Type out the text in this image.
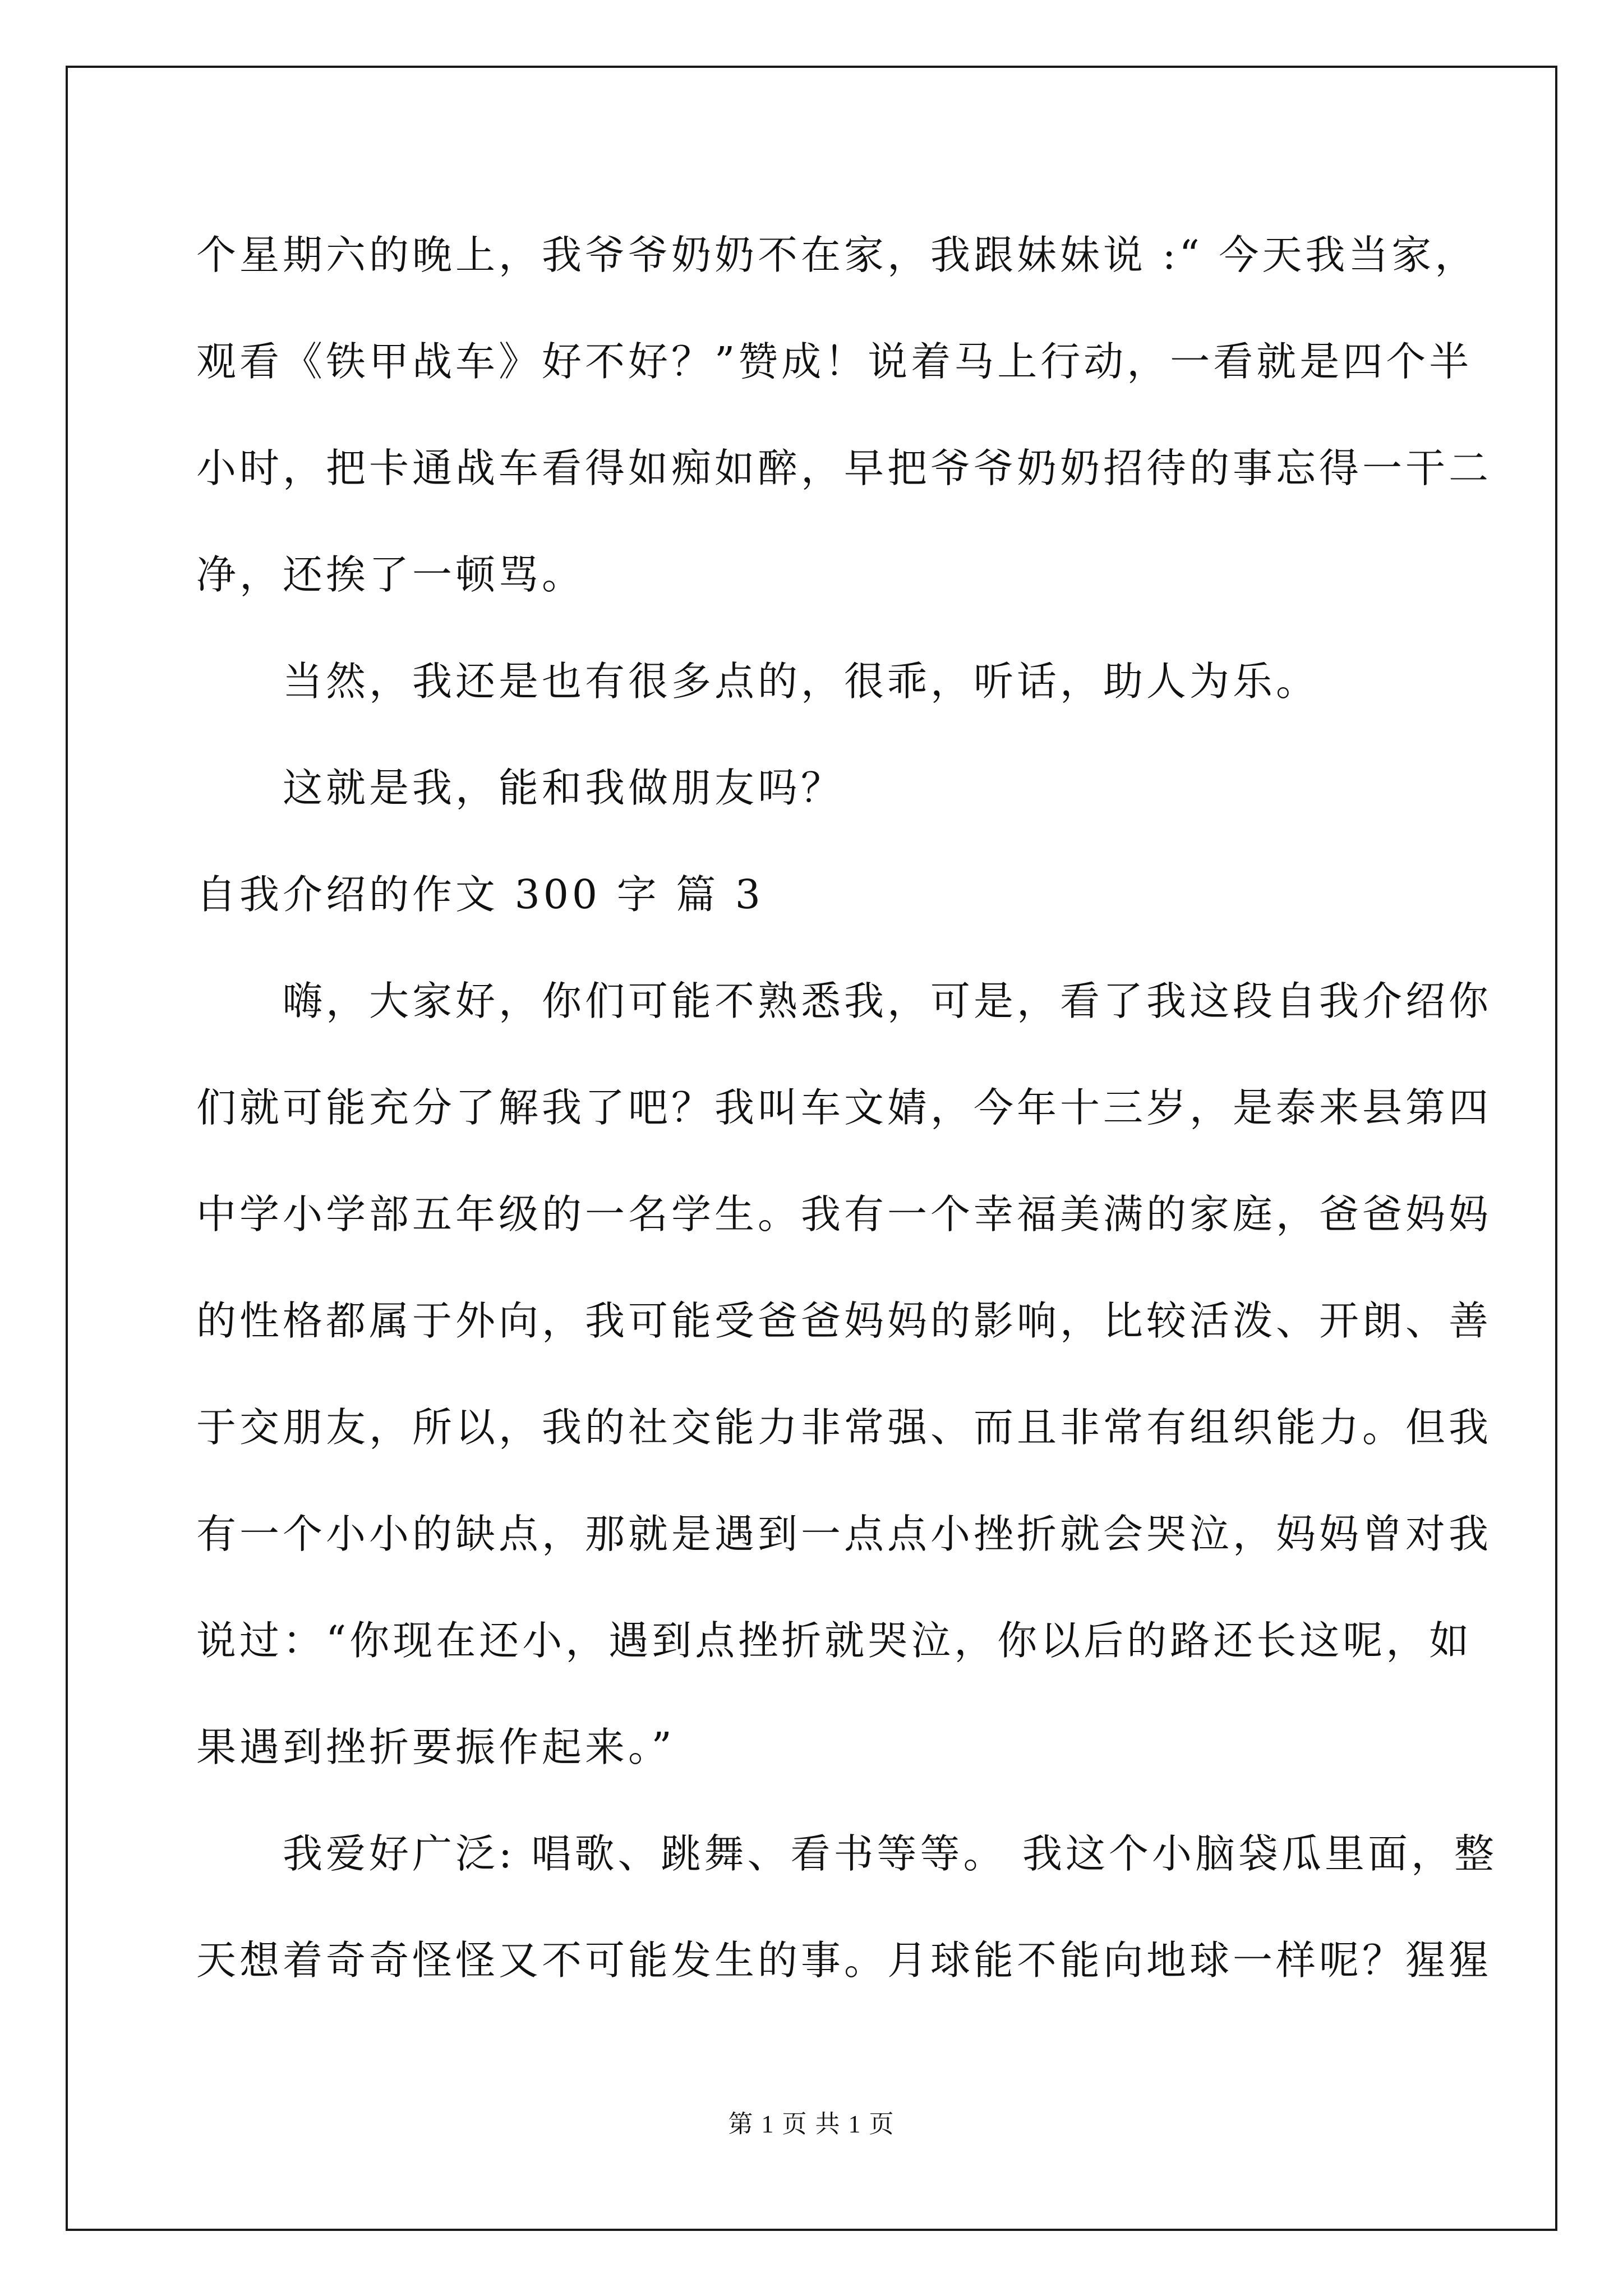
个星期六的晚上，我爷爷奶奶不在家，我跟妹妹说 :“ 今天我当家，
观看《铁甲战车》好不好？”赞成！说着马上行动，一看就是四个半
小时，把卡通战车看得如痴如醉，早把爷爷奶奶招待的事忘得一干二
净，还挨了一顿骂。
　　当然，我还是也有很多点的，很乖，听话，助人为乐。
　　这就是我，能和我做朋友吗？
自我介绍的作文 300 字 篇 3
　　嗨，大家好，你们可能不熟悉我，可是，看了我这段自我介绍你
们就可能充分了解我了吧？我叫车文婧，今年十三岁，是泰来县第四
中学小学部五年级的一名学生。我有一个幸福美满的家庭，爸爸妈妈
的性格都属于外向，我可能受爸爸妈妈的影响，比较活泼、开朗、善
于交朋友，所以，我的社交能力非常强、而且非常有组织能力。但我
有一个小小的缺点，那就是遇到一点点小挫折就会哭泣，妈妈曾对我
说过：“你现在还小，遇到点挫折就哭泣，你以后的路还长这呢，如
果遇到挫折要振作起来。”
　　我爱好广泛: 唱歌、跳舞、看书等等。 我这个小脑袋瓜里面，整
天想着奇奇怪怪又不可能发生的事。月球能不能向地球一样呢？猩猩
第 1 页 共 1 页
